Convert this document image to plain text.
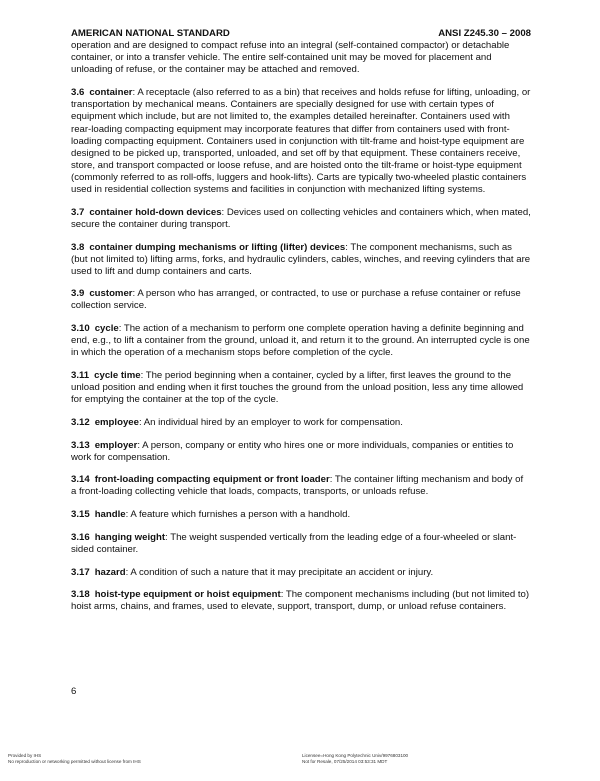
AMERICAN NATIONAL STANDARD	ANSI Z245.30 – 2008

operation and are designed to compact refuse into an integral (self-contained compactor) or detachable container, or into a transfer vehicle. The entire self-contained unit may be moved for placement and unloading of refuse, or the container may be attached and removed.

3.6 container: A receptacle (also referred to as a bin) that receives and holds refuse for lifting, unloading, or transportation by mechanical means. Containers are specially designed for use with certain types of equipment which include, but are not limited to, the examples detailed hereinafter. Containers used with rear-loading compacting equipment may incorporate features that differ from containers used with front-loading compacting equipment. Containers used in conjunction with tilt-frame and hoist-type equipment are designed to be picked up, transported, unloaded, and set off by that equipment. These containers receive, store, and transport compacted or loose refuse, and are hoisted onto the tilt-frame or hoist-type equipment (commonly referred to as roll-offs, luggers and hook-lifts). Carts are typically two-wheeled plastic containers used in residential collection systems and facilities in conjunction with mechanized lifting systems.

3.7 container hold-down devices: Devices used on collecting vehicles and containers which, when mated, secure the container during transport.

3.8 container dumping mechanisms or lifting (lifter) devices: The component mechanisms, such as (but not limited to) lifting arms, forks, and hydraulic cylinders, cables, winches, and reeving cylinders that are used to lift and dump containers and carts.

3.9 customer: A person who has arranged, or contracted, to use or purchase a refuse container or refuse collection service.

3.10 cycle: The action of a mechanism to perform one complete operation having a definite beginning and end, e.g., to lift a container from the ground, unload it, and return it to the ground. An interrupted cycle is one in which the operation of a mechanism stops before completion of the cycle.

3.11 cycle time: The period beginning when a container, cycled by a lifter, first leaves the ground to the unload position and ending when it first touches the ground from the unload position, less any time allowed for emptying the container at the top of the cycle.

3.12 employee: An individual hired by an employer to work for compensation.

3.13 employer: A person, company or entity who hires one or more individuals, companies or entities to work for compensation.

3.14 front-loading compacting equipment or front loader: The container lifting mechanism and body of a front-loading collecting vehicle that loads, compacts, transports, or unloads refuse.

3.15 handle: A feature which furnishes a person with a handhold.

3.16 hanging weight: The weight suspended vertically from the leading edge of a four-wheeled or slant-sided container.

3.17 hazard: A condition of such a nature that it may precipitate an accident or injury.

3.18 hoist-type equipment or hoist equipment: The component mechanisms including (but not limited to) hoist arms, chains, and frames, used to elevate, support, transport, dump, or unload refuse containers.

6
Provided by IHS
No reproduction or networking permitted without license from IHS
Licensee=Hong Kong Polytechnic Univ/9976803100
Not for Resale, 07/25/2014 03:53:31 MDT
